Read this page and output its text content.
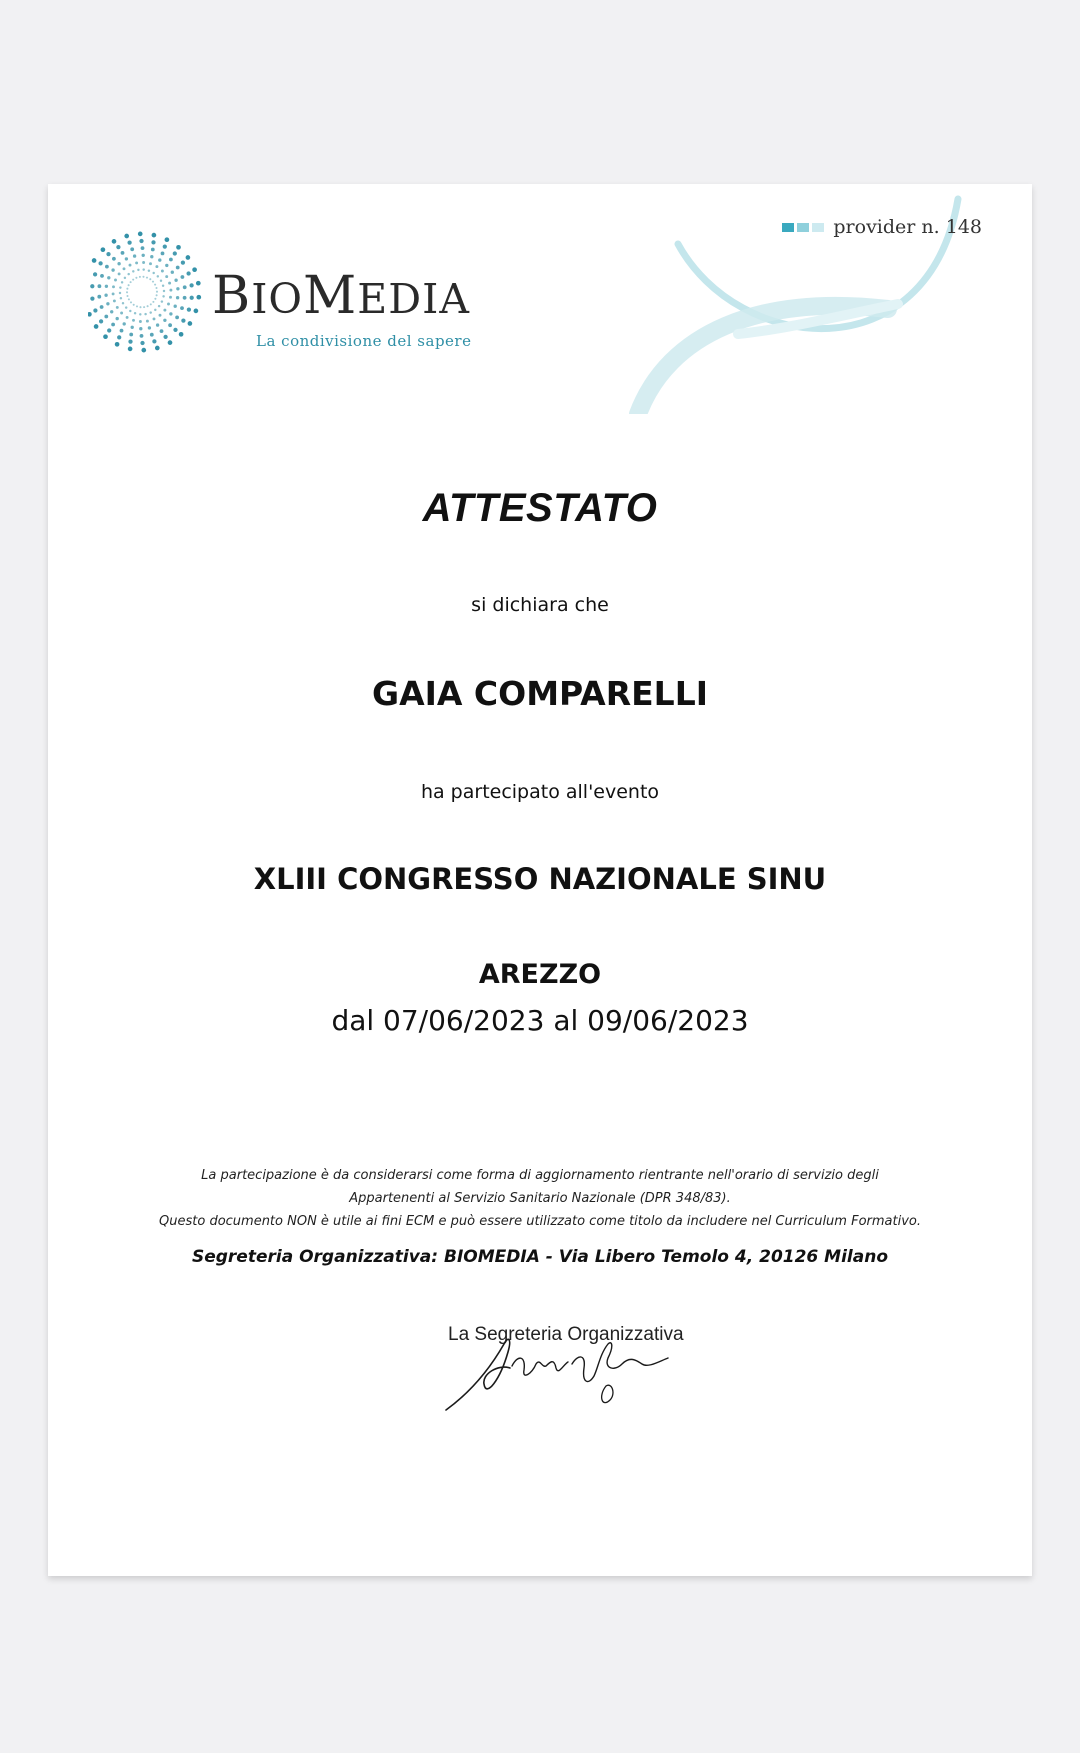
provider n. 148
BIOMEDIA
La condivisione del sapere
ATTESTATO
si dichiara che
GAIA COMPARELLI
ha partecipato all'evento
XLIII CONGRESSO NAZIONALE SINU
AREZZO
dal 07/06/2023 al 09/06/2023
La partecipazione è da considerarsi come forma di aggiornamento rientrante nell'orario di servizio degli
Appartenenti al Servizio Sanitario Nazionale (DPR 348/83).
Questo documento NON è utile ai fini ECM e può essere utilizzato come titolo da includere nel Curriculum Formativo.
Segreteria Organizzativa: BIOMEDIA - Via Libero Temolo 4, 20126 Milano
La Segreteria Organizzativa
